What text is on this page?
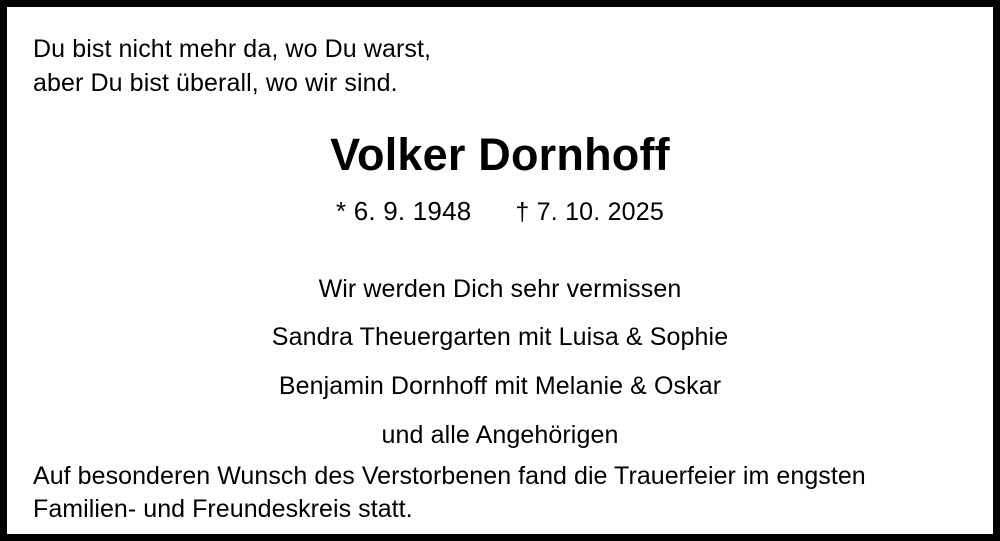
Du bist nicht mehr da, wo Du warst,
aber Du bist überall, wo wir sind.
Volker Dornhoff
* 6. 9. 1948 † 7. 10. 2025
Wir werden Dich sehr vermissen
Sandra Theuergarten mit Luisa & Sophie
Benjamin Dornhoff mit Melanie & Oskar
und alle Angehörigen
Auf besonderen Wunsch des Verstorbenen fand die Trauerfeier im engsten
Familien- und Freundeskreis statt.
